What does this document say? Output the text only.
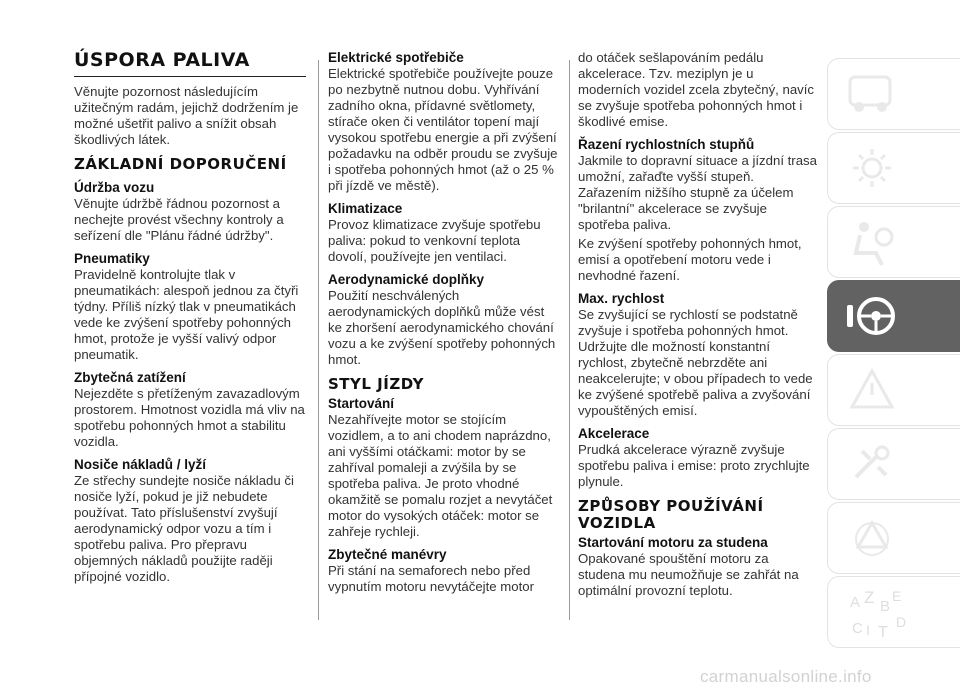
ÚSPORA PALIVA

Věnujte pozornost následujícím užitečným radám, jejichž dodržením je možné ušetřit palivo a snížit obsah škodlivých látek.

ZÁKLADNÍ DOPORUČENÍ
Údržba vozu

Věnujte údržbě řádnou pozornost a nechejte provést všechny kontroly a seřízení dle "Plánu řádné údržby".

Pneumatiky

Pravidelně kontrolujte tlak v pneumatikách: alespoň jednou za čtyři týdny. Příliš nízký tlak v pneumatikách vede ke zvýšení spotřeby pohonných hmot, protože je vyšší valivý odpor pneumatik.

Zbytečná zatížení

Nejezděte s přetíženým zavazadlovým prostorem. Hmotnost vozidla má vliv na spotřebu pohonných hmot a stabilitu vozidla.

Nosiče nákladů / lyží

Ze střechy sundejte nosiče nákladu či nosiče lyží, pokud je již nebudete používat. Tato příslušenství zvyšují aerodynamický odpor vozu a tím i spotřebu paliva. Pro přepravu objemných nákladů použijte raději přípojné vozidlo.

Elektrické spotřebiče

Elektrické spotřebiče používejte pouze po nezbytně nutnou dobu. Vyhřívání zadního okna, přídavné světlomety, stírače oken či ventilátor topení mají vysokou spotřebu energie a při zvýšení požadavku na odběr proudu se zvyšuje i spotřeba pohonných hmot (až o 25 % při jízdě ve městě).

Klimatizace

Provoz klimatizace zvyšuje spotřebu paliva: pokud to venkovní teplota dovolí, používejte jen ventilaci.

Aerodynamické doplňky

Použití neschválených aerodynamických doplňků může vést ke zhoršení aerodynamického chování vozu a ke zvýšení spotřeby pohonných hmot.

STYL JÍZDY
Startování

Nezahřívejte motor se stojícím vozidlem, a to ani chodem naprázdno, ani vyššími otáčkami: motor by se zahříval pomaleji a zvýšila by se spotřeba paliva. Je proto vhodné okamžitě se pomalu rozjet a nevytáčet motor do vysokých otáček: motor se zahřeje rychleji.

Zbytečné manévry

Při stání na semaforech nebo před vypnutím motoru nevytáčejte motor

do otáček sešlapováním pedálu akcelerace. Tzv. meziplyn je u moderních vozidel zcela zbytečný, navíc se zvyšuje spotřeba pohonných hmot i škodlivé emise.

Řazení rychlostních stupňů

Jakmile to dopravní situace a jízdní trasa umožní, zařaďte vyšší stupeň. Zařazením nižšího stupně za účelem "brilantní" akcelerace se zvyšuje spotřeba paliva.

Ke zvýšení spotřeby pohonných hmot, emisí a opotřebení motoru vede i nevhodné řazení.

Max. rychlost

Se zvyšující se rychlostí se podstatně zvyšuje i spotřeba pohonných hmot. Udržujte dle možností konstantní rychlost, zbytečně nebrzděte ani neakcelerujte; v obou případech to vede ke zvýšené spotřebě paliva a zvyšování vypouštěných emisí.

Akcelerace

Prudká akcelerace výrazně zvyšuje spotřebu paliva i emise: proto zrychlujte plynule.

ZPŮSOBY POUŽÍVÁNÍ VOZIDLA
Startování motoru za studena

Opakované spouštění motoru za studena mu neumožňuje se zahřát na optimální provozní teplotu.

carmanualsonline.info
A Z B
E
C D
I T
